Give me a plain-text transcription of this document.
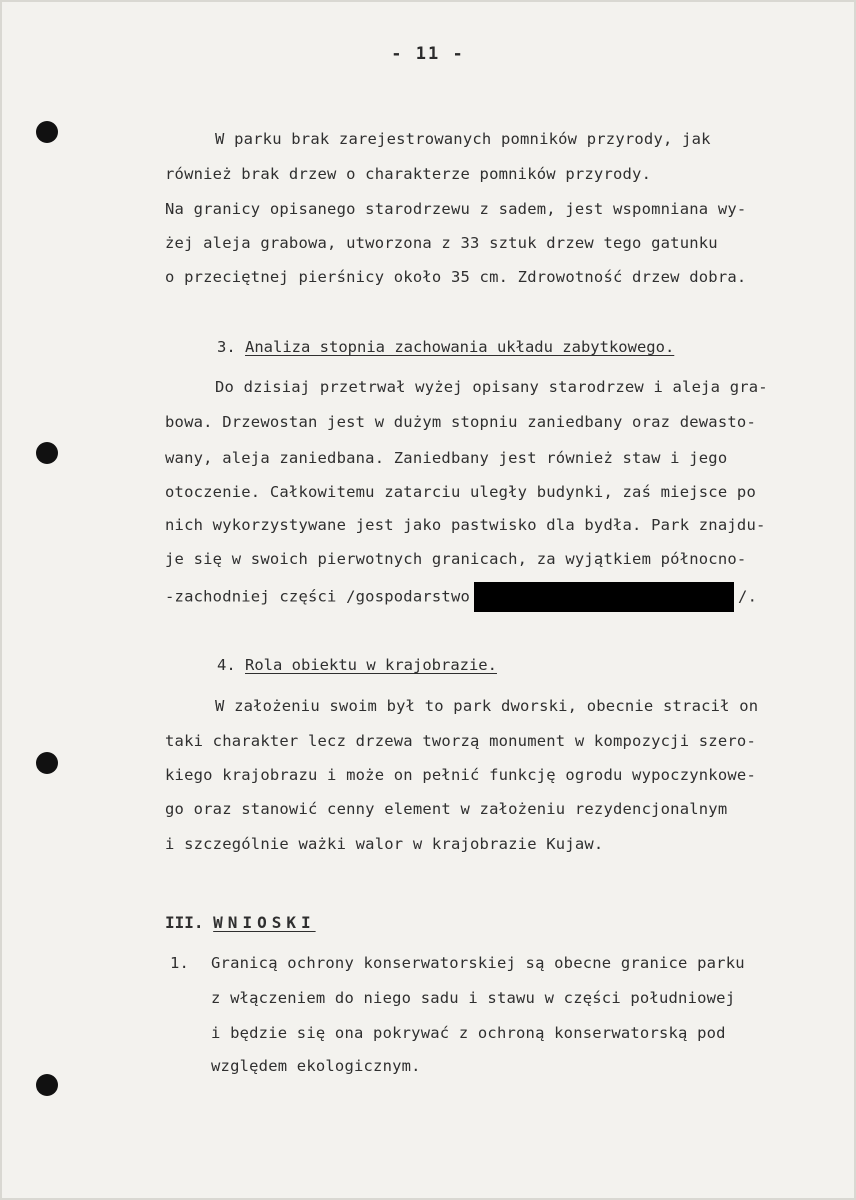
- 11 -
W parku brak zarejestrowanych pomników przyrody, jak
również brak drzew o charakterze pomników przyrody.
Na granicy opisanego starodrzewu z sadem, jest wspomniana wy-
żej aleja grabowa, utworzona z 33 sztuk drzew tego gatunku
o przeciętnej pierśnicy około 35 cm. Zdrowotność drzew dobra.
3. Analiza stopnia zachowania układu zabytkowego.
Do dzisiaj przetrwał wyżej opisany starodrzew i aleja gra-
bowa. Drzewostan jest w dużym stopniu zaniedbany oraz dewasto-
wany, aleja zaniedbana. Zaniedbany jest również staw i jego
otoczenie. Całkowitemu zatarciu uległy budynki, zaś miejsce po
nich wykorzystywane jest jako pastwisko dla bydła. Park znajdu-
je się w swoich pierwotnych granicach, za wyjątkiem północno-
-zachodniej części /gospodarstwo	/.
4. Rola obiektu w krajobrazie.
W założeniu swoim był to park dworski, obecnie stracił on
taki charakter lecz drzewa tworzą monument w kompozycji szero-
kiego krajobrazu i może on pełnić funkcję ogrodu wypoczynkowe-
go oraz stanowić cenny element w założeniu rezydencjonalnym
i szczególnie ważki walor w krajobrazie Kujaw.
III. WNIOSKI
1. Granicą ochrony konserwatorskiej są obecne granice parku
z włączeniem do niego sadu i stawu w części południowej
i będzie się ona pokrywać z ochroną konserwatorską pod
względem ekologicznym.
